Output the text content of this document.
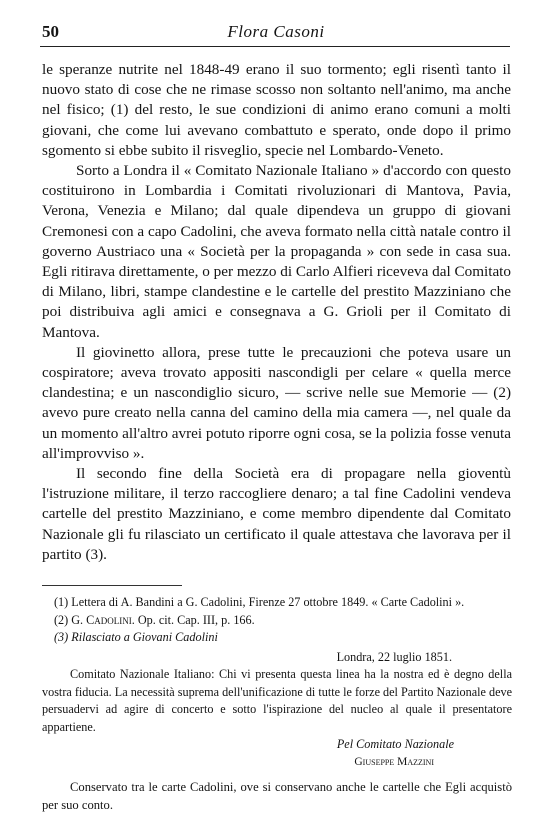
50	Flora Casoni

le speranze nutrite nel 1848-49 erano il suo tormento; egli risentì tanto il nuovo stato di cose che ne rimase scosso non soltanto nell'animo, ma anche nel fisico; (1) del resto, le sue condizioni di animo erano comuni a molti giovani, che come lui avevano combattuto e sperato, onde dopo il primo sgomento si ebbe subito il risveglio, specie nel Lombardo-Veneto.

Sorto a Londra il « Comitato Nazionale Italiano » d'accordo con questo costituirono in Lombardia i Comitati rivoluzionari di Mantova, Pavia, Verona, Venezia e Milano; dal quale dipendeva un gruppo di giovani Cremonesi con a capo Cadolini, che aveva formato nella città natale contro il governo Austriaco una « Società per la propaganda » con sede in casa sua. Egli ritirava direttamente, o per mezzo di Carlo Alfieri riceveva dal Comitato di Milano, libri, stampe clandestine e le cartelle del prestito Mazziniano che poi distribuiva agli amici e consegnava a G. Grioli per il Comitato di Mantova.

Il giovinetto allora, prese tutte le precauzioni che poteva usare un cospiratore; aveva trovato appositi nascondigli per celare « quella merce clandestina; e un nascondiglio sicuro, — scrive nelle sue Memorie — (2) avevo pure creato nella canna del camino della mia camera —, nel quale da un momento all'altro avrei potuto riporre ogni cosa, se la polizia fosse venuta all'improvviso ».

Il secondo fine della Società era di propagare nella gioventù l'istruzione militare, il terzo raccogliere denaro; a tal fine Cadolini vendeva cartelle del prestito Mazziniano, e come membro dipendente dal Comitato Nazionale gli fu rilasciato un certificato il quale attestava che lavorava per il partito (3).

(1) Lettera di A. Bandini a G. Cadolini, Firenze 27 ottobre 1849. « Carte Cadolini ».

(2) G. Cadolini. Op. cit. Cap. III, p. 166.

(3) Rilasciato a Giovani Cadolini

Londra, 22 luglio 1851.

Comitato Nazionale Italiano: Chi vi presenta questa linea ha la nostra ed è degno della vostra fiducia. La necessità suprema dell'unificazione di tutte le forze del Partito Nazionale deve persuadervi ad agire di concerto e sotto l'ispirazione del nucleo al quale il presentatore appartiene.

Pel Comitato Nazionale

Giuseppe Mazzini

Conservato tra le carte Cadolini, ove si conservano anche le cartelle che Egli acquistò per suo conto.
